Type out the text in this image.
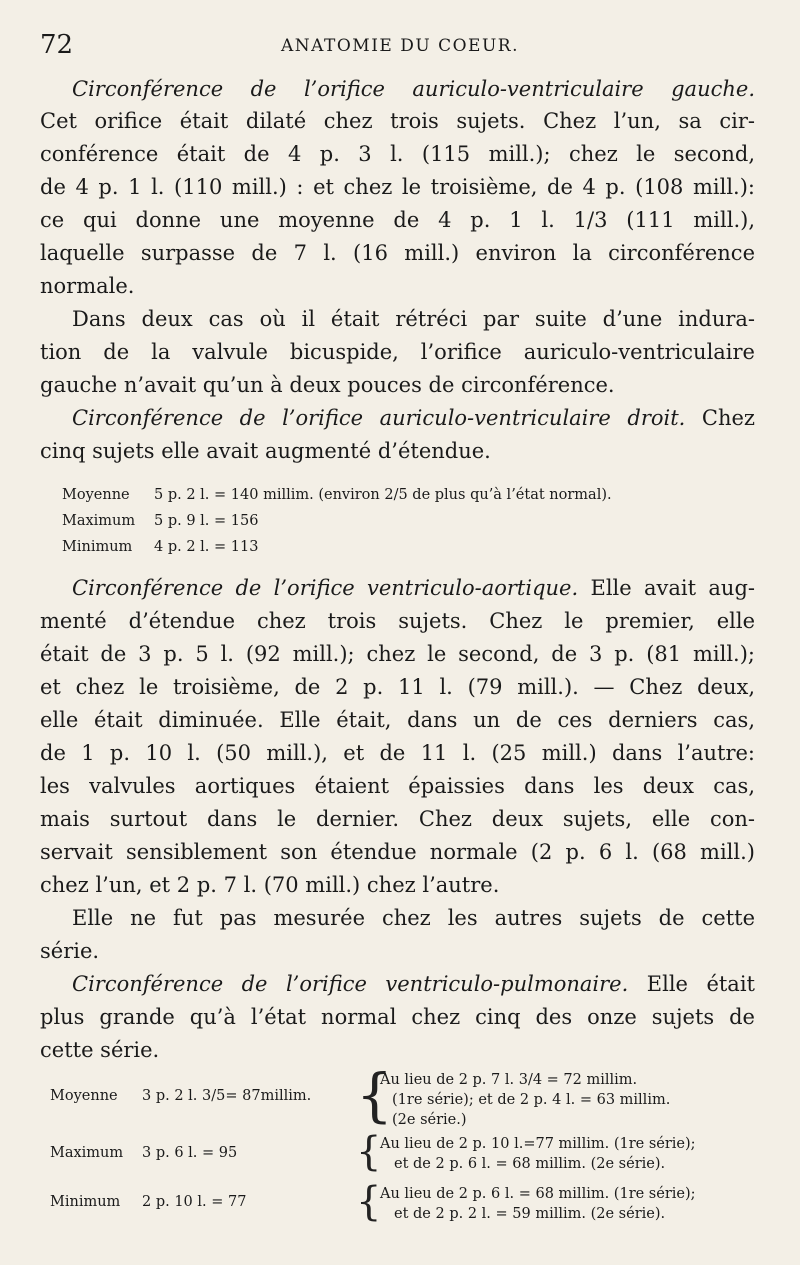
72	ANATOMIE DU COEUR.
Circonférence de l’orifice auriculo-ventriculaire gauche.
Cet orifice était dilaté chez trois sujets. Chez l’un, sa cir-
conférence était de 4 p. 3 l. (115 mill.); chez le second,
de 4 p. 1 l. (110 mill.) : et chez le troisième, de 4 p. (108 mill.):
ce qui donne une moyenne de 4 p. 1 l. 1/3 (111 mill.),
laquelle surpasse de 7 l. (16 mill.) environ la circonférence
normale.
Dans deux cas où il était rétréci par suite d’une indura-
tion de la valvule bicuspide, l’orifice auriculo-ventriculaire
gauche n’avait qu’un à deux pouces de circonférence.
Circonférence de l’orifice auriculo-ventriculaire droit. Chez
cinq sujets elle avait augmenté d’étendue.
Moyenne 5 p. 2 l. = 140 millim. (environ 2/5 de plus qu’à l’état normal).
Maximum 5 p. 9 l. = 156
Minimum 4 p. 2 l. = 113
Circonférence de l’orifice ventriculo-aortique. Elle avait aug-
menté d’étendue chez trois sujets. Chez le premier, elle
était de 3 p. 5 l. (92 mill.); chez le second, de 3 p. (81 mill.);
et chez le troisième, de 2 p. 11 l. (79 mill.). — Chez deux,
elle était diminuée. Elle était, dans un de ces derniers cas,
de 1 p. 10 l. (50 mill.), et de 11 l. (25 mill.) dans l’autre:
les valvules aortiques étaient épaissies dans les deux cas,
mais surtout dans le dernier. Chez deux sujets, elle con-
servait sensiblement son étendue normale (2 p. 6 l. (68 mill.)
chez l’un, et 2 p. 7 l. (70 mill.) chez l’autre.
Elle ne fut pas mesurée chez les autres sujets de cette
série.
Circonférence de l’orifice ventriculo-pulmonaire. Elle était
plus grande qu’à l’état normal chez cinq des onze sujets de
cette série.
Moyenne 3 p. 2 l. 3/5= 87millim. {
Au lieu de 2 p. 7 l. 3/4 = 72 millim.
(1re série); et de 2 p. 4 l. = 63 millim.
(2e série.)
Maximum 3 p. 6 l. = 95	{
Au lieu de 2 p. 10 l.=77 millim. (1re série);
et de 2 p. 6 l. = 68 millim. (2e série).
Minimum 2 p. 10 l. = 77	{
Au lieu de 2 p. 6 l. = 68 millim. (1re série);
et de 2 p. 2 l. = 59 millim. (2e série).
